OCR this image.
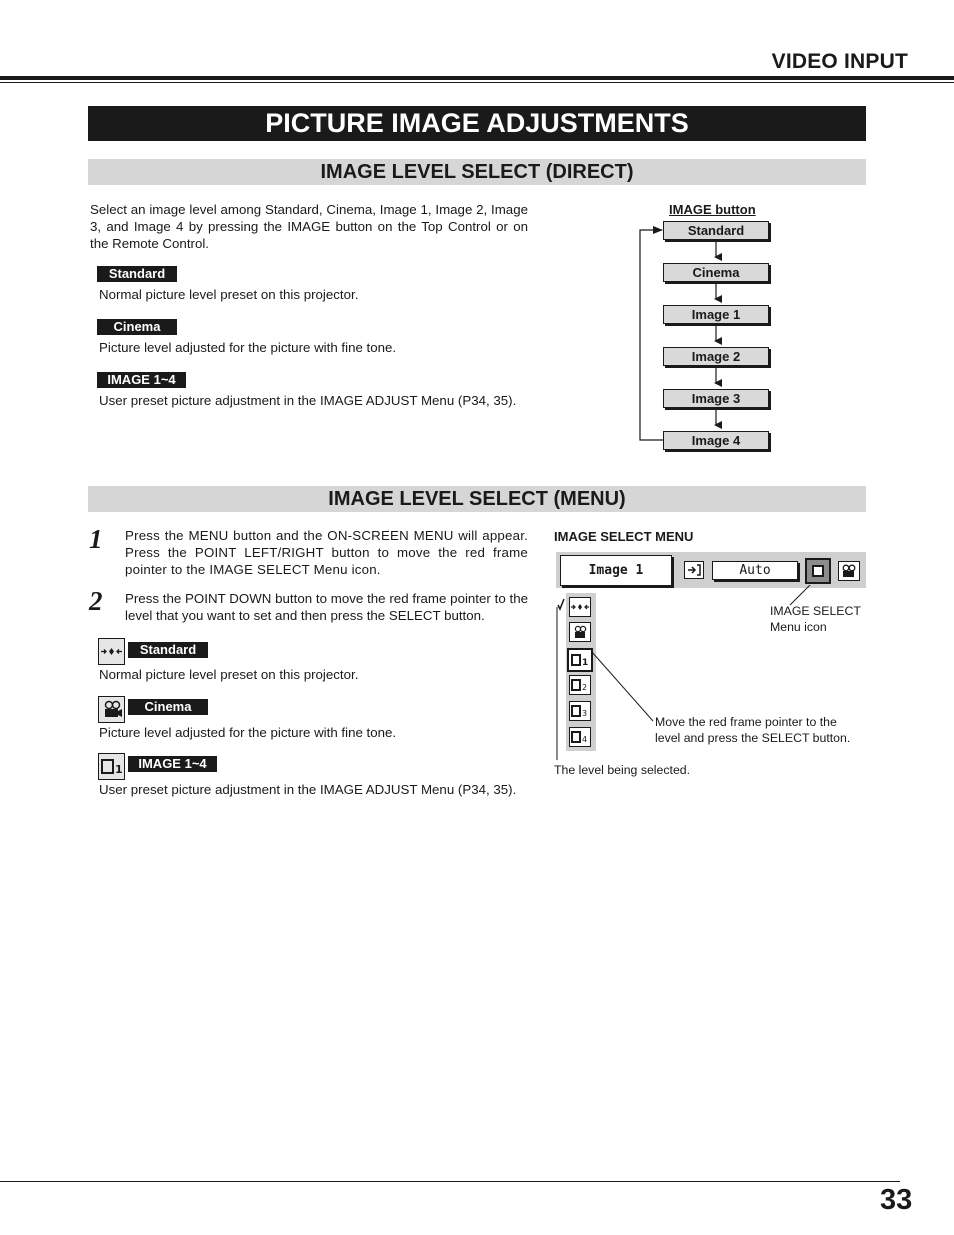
VIDEO INPUT
PICTURE IMAGE ADJUSTMENTS
IMAGE LEVEL SELECT (DIRECT)
Select an image level among Standard, Cinema, Image 1, Image 2, Image 3, and Image 4 by pressing the IMAGE button on the Top Control or on the Remote Control.
Standard
Normal picture level preset on this projector.
Cinema
Picture level adjusted for the picture with fine tone.
IMAGE 1~4
User preset picture adjustment in the IMAGE ADJUST Menu (P34, 35).
IMAGE button
Standard
Cinema
Image 1
Image 2
Image 3
Image 4
IMAGE LEVEL SELECT (MENU)
1 Press the MENU button and the ON-SCREEN MENU will appear. Press the POINT LEFT/RIGHT button to move the red frame pointer to the IMAGE SELECT Menu icon.
2 Press the POINT DOWN button to move the red frame pointer to the level that you want to set and then press the SELECT button.
Standard
Normal picture level preset on this projector.
Cinema
Picture level adjusted for the picture with fine tone.
1	IMAGE 1~4
User preset picture adjustment in the IMAGE ADJUST Menu (P34, 35).
IMAGE SELECT MENU
Image 1	Auto
1
2
3
4
IMAGE SELECT
Menu icon
Move the red frame pointer to the
level and press the SELECT button.
The level being selected.
33
